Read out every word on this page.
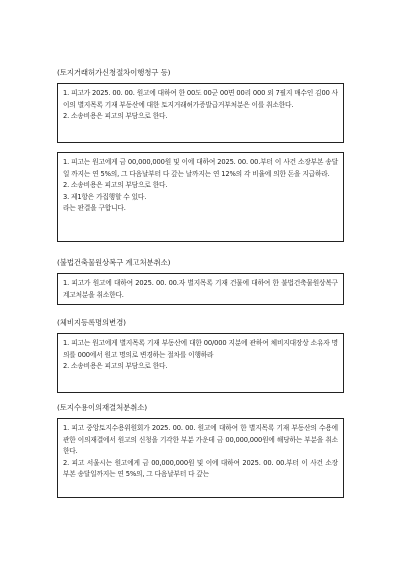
(토지거래허가신청절차이행청구 등)

1. 피고가 2025. 00. 00. 원고에 대하여 한 00도 00군 00면 00리 000 외 7필지 매수인 김00 사이의 별지목록 기재 부동산에 대한 토지거래허가증발급거부처분은 이를 취소한다.

2. 소송비용은 피고의 부담으로 한다.

1. 피고는 원고에게 금 00,000,000원 및 이에 대하여 2025. 00. 00.부터 이 사건 소장부본 송달일 까지는 연 5%의, 그 다음날부터 다 갚는 날까지는 연 12%의 각 비율에 의한 돈을 지급하라.

2. 소송비용은 피고의 부담으로 한다.

3. 제1항은 가집행할 수 있다.

라는 판결을 구합니다.

(불법건축물원상복구 계고처분취소)

1. 피고가 원고에 대하여 2025. 00. 00.자 별지목록 기재 건물에 대하여 한 불법건축물원상복구 계고처분을 취소한다.

(체비지등록명의변경)

1. 피고는 원고에게 별지목록 기재 부동산에 대한 00/000 지분에 관하여 체비지대장상 소유자 명의를 000에서 원고 명의로 변경하는 절차를 이행하라

2. 소송비용은 피고의 부담으로 한다.

(토지수용이의재결처분취소)

1. 피고 중앙토지수용위원회가 2025. 00. 00. 원고에 대하여 한 별지목록 기재 부동산의 수용에 관한 이의재결에서 원고의 신청을 기각한 부분 가운데 금 00,000,000원에 해당하는 부분을 취소한다.

2. 피고 서울시는 원고에게 금 00,000,000원 및 이에 대하여 2025. 00. 00.부터 이 사건 소장 부본 송달일까지는 연 5%의, 그 다음날부터 다 갚는
